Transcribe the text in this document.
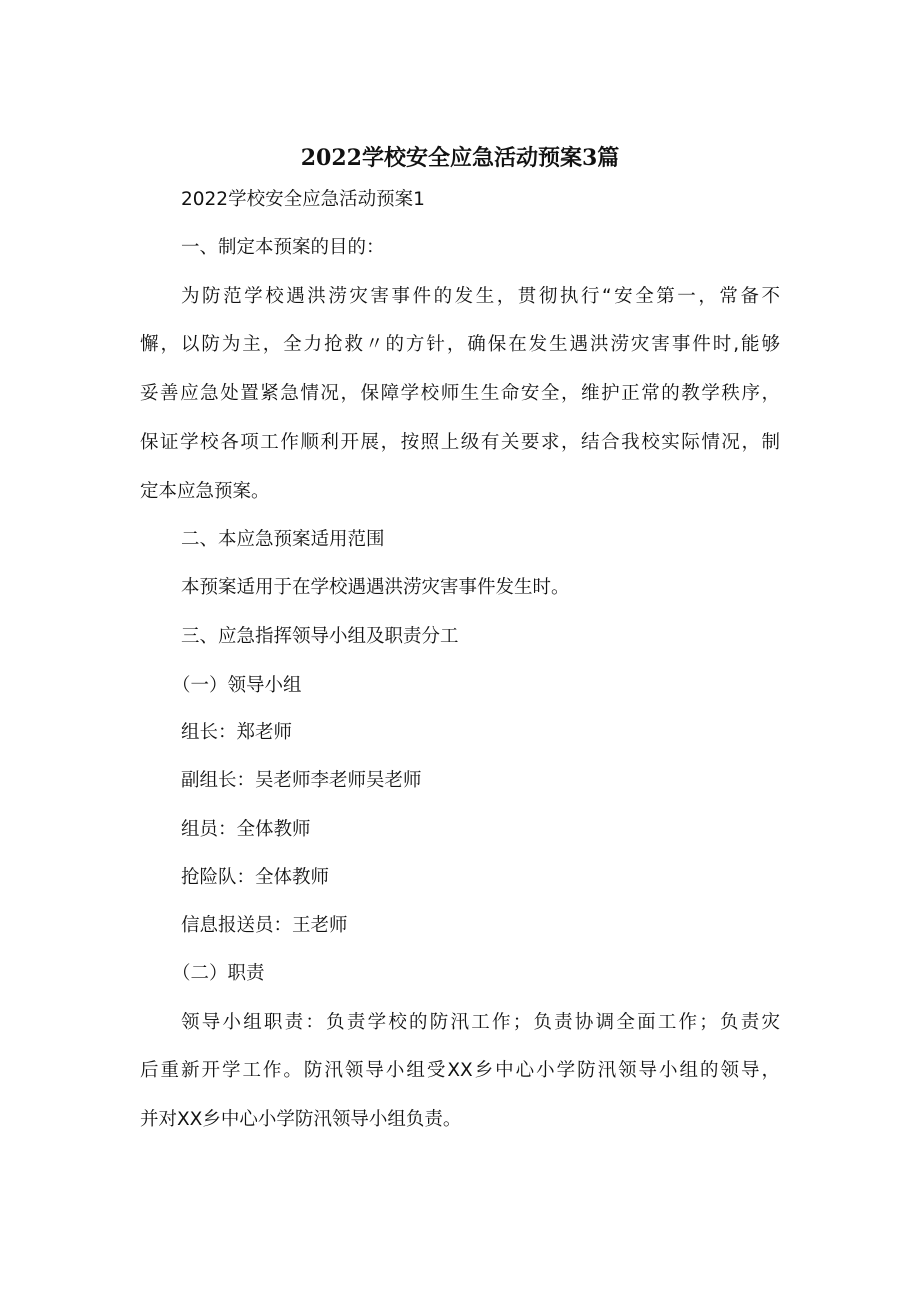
2022学校安全应急活动预案3篇
2022学校安全应急活动预案1
一、制定本预案的目的：
为防范学校遇洪涝灾害事件的发生，贯彻执行“安全第一，常备不
懈，以防为主，全力抢救〃的方针，确保在发生遇洪涝灾害事件时,能够
妥善应急处置紧急情况，保障学校师生生命安全，维护正常的教学秩序，
保证学校各项工作顺利开展，按照上级有关要求，结合我校实际情况，制
定本应急预案。
二、本应急预案适用范围
本预案适用于在学校遇遇洪涝灾害事件发生时。
三、应急指挥领导小组及职责分工
（一）领导小组
组长：郑老师
副组长：吴老师李老师吴老师
组员：全体教师
抢险队：全体教师
信息报送员：王老师
（二）职责
领导小组职责：负责学校的防汛工作；负责协调全面工作；负责灾
后重新开学工作。防汛领导小组受XX乡中心小学防汛领导小组的领导，
并对XX乡中心小学防汛领导小组负责。
